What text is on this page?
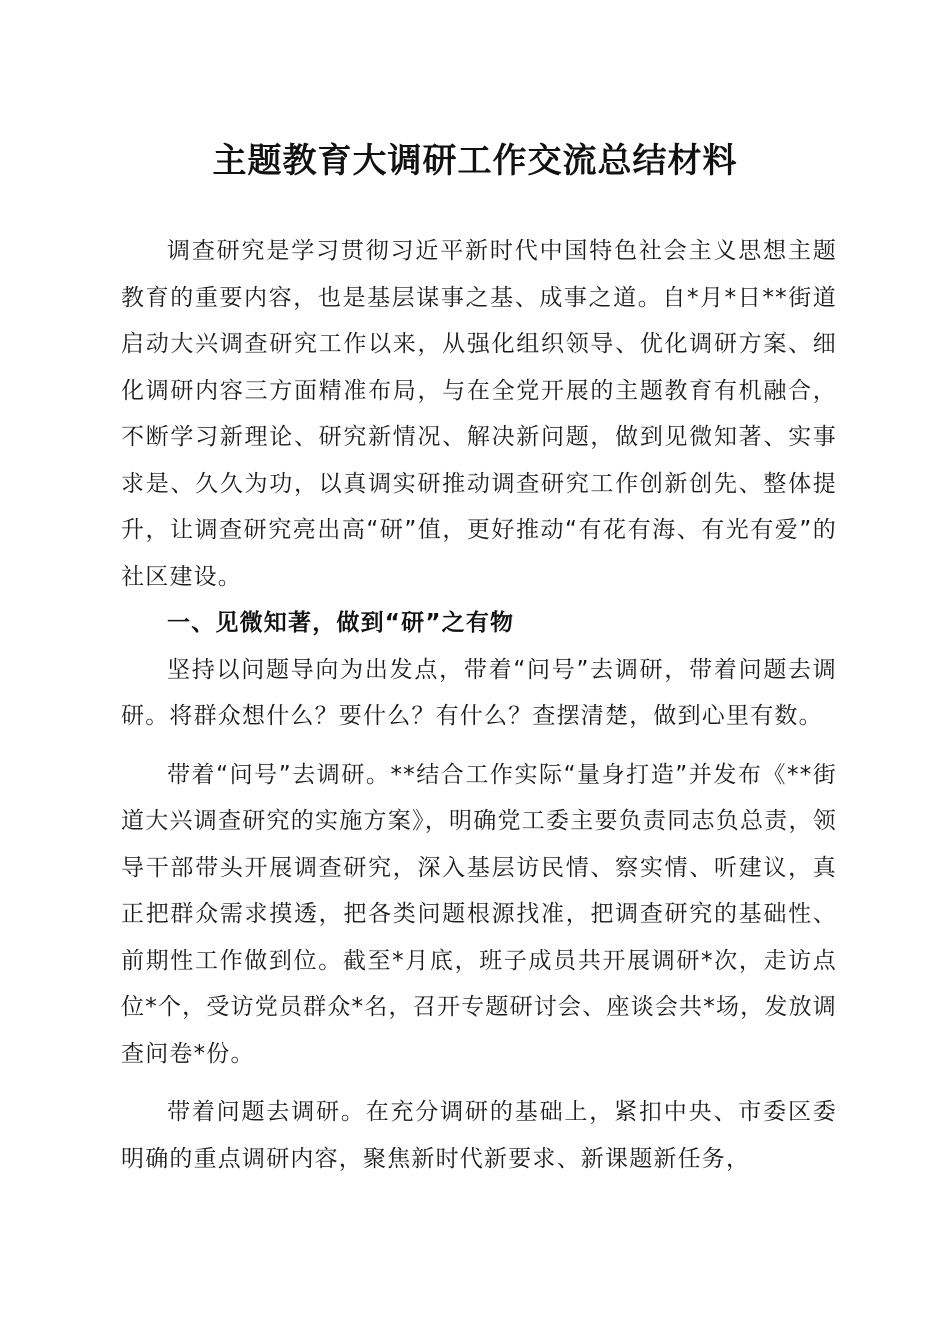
主题教育大调研工作交流总结材料

调查研究是学习贯彻习近平新时代中国特色社会主义思想主题教育的重要内容，也是基层谋事之基、成事之道。自*月*日**街道启动大兴调查研究工作以来，从强化组织领导、优化调研方案、细化调研内容三方面精准布局，与在全党开展的主题教育有机融合，不断学习新理论、研究新情况、解决新问题，做到见微知著、实事求是、久久为功，以真调实研推动调查研究工作创新创先、整体提升，让调查研究亮出高“研”值，更好推动“有花有海、有光有爱”的社区建设。

一、见微知著，做到“研”之有物

坚持以问题导向为出发点，带着“问号”去调研，带着问题去调研。将群众想什么？要什么？有什么？查摆清楚，做到心里有数。

带着“问号”去调研。**结合工作实际“量身打造”并发布《**街道大兴调查研究的实施方案》，明确党工委主要负责同志负总责，领导干部带头开展调查研究，深入基层访民情、察实情、听建议，真正把群众需求摸透，把各类问题根源找准，把调查研究的基础性、前期性工作做到位。截至*月底，班子成员共开展调研*次，走访点位*个，受访党员群众*名，召开专题研讨会、座谈会共*场，发放调查问卷*份。

带着问题去调研。在充分调研的基础上，紧扣中央、市委区委明确的重点调研内容，聚焦新时代新要求、新课题新任务，
